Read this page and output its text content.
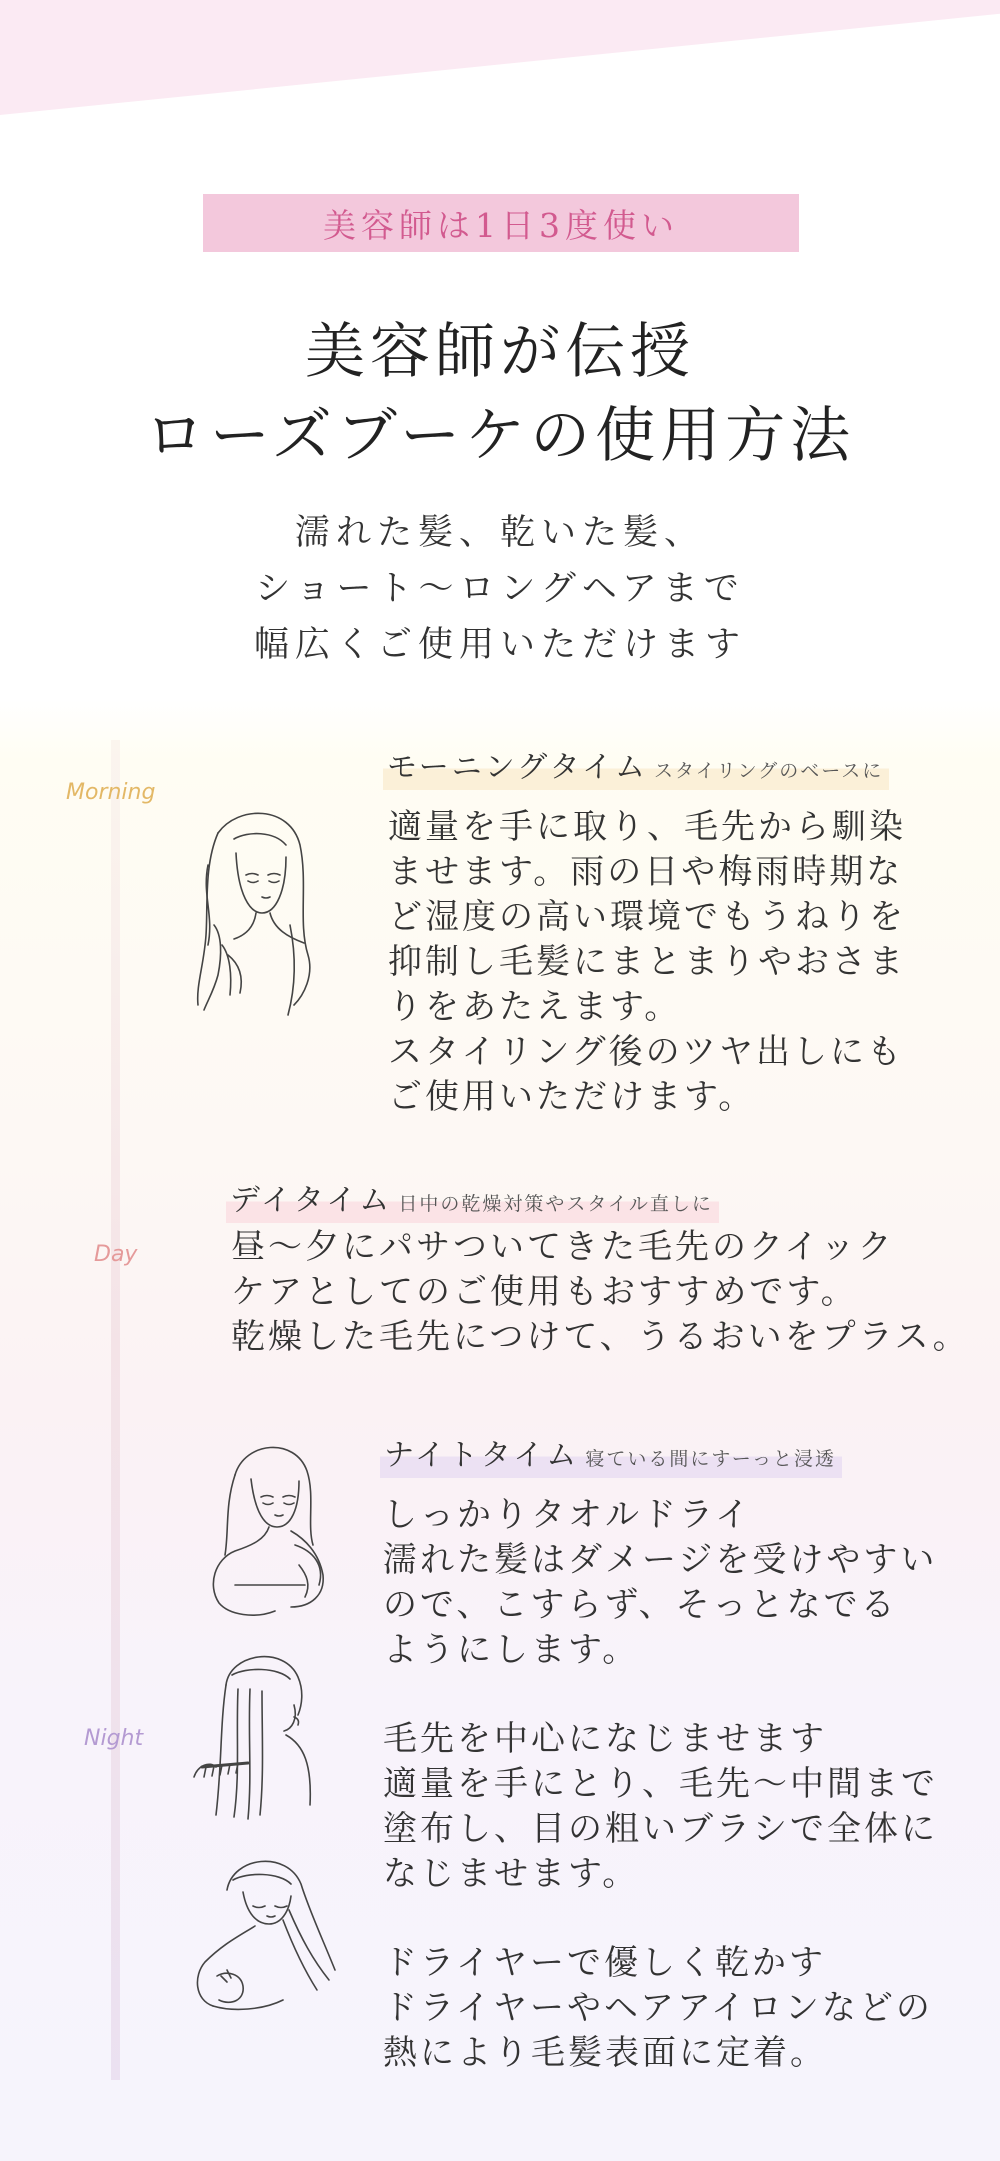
美容師は1日3度使い
美容師が伝授
ローズブーケの使用方法
濡れた髪、乾いた髪、
ショート〜ロングヘアまで
幅広くご使用いただけます
Morning
モーニングタイム スタイリングのベースに
適量を手に取り、毛先から馴染
ませます。雨の日や梅雨時期な
ど湿度の高い環境でもうねりを
抑制し毛髪にまとまりやおさま
りをあたえます。
スタイリング後のツヤ出しにも
ご使用いただけます。
Day
デイタイム 日中の乾燥対策やスタイル直しに
昼〜夕にパサついてきた毛先のクイック
ケアとしてのご使用もおすすめです。
乾燥した毛先につけて、うるおいをプラス。
Night
ナイトタイム 寝ている間にすーっと浸透
しっかりタオルドライ
濡れた髪はダメージを受けやすい
ので、こすらず、そっとなでる
ようにします。
毛先を中心になじませます
適量を手にとり、毛先〜中間まで
塗布し、目の粗いブラシで全体に
なじませます。
ドライヤーで優しく乾かす
ドライヤーやヘアアイロンなどの
熱により毛髪表面に定着。
